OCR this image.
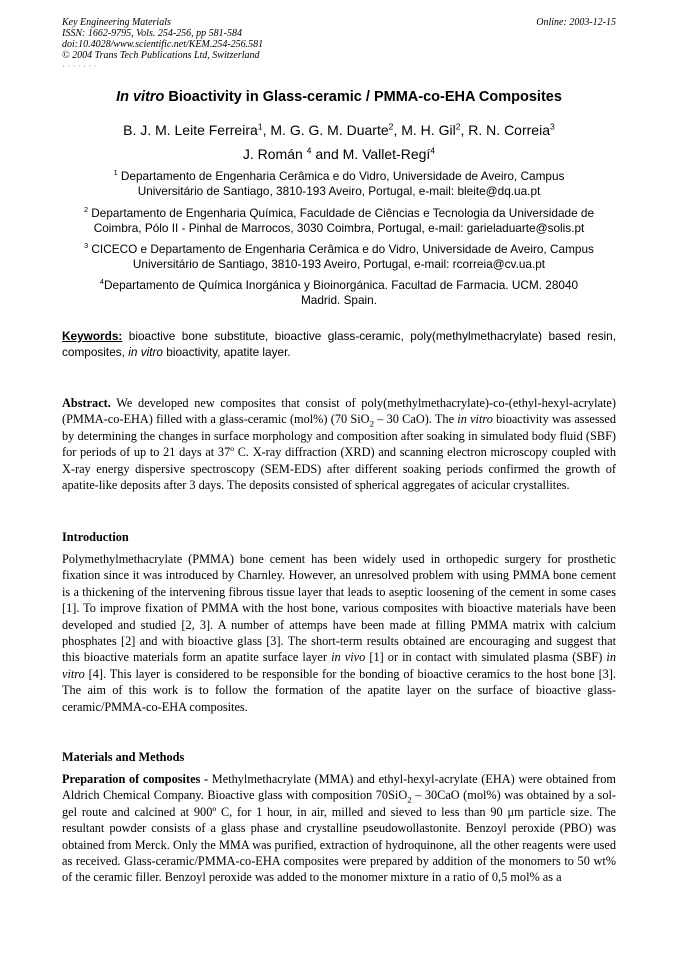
Key Engineering Materials
ISSN: 1662-9795, Vols. 254-256, pp 581-584
doi:10.4028/www.scientific.net/KEM.254-256.581
© 2004 Trans Tech Publications Ltd, Switzerland
Online: 2003-12-15
· · · · · · ·
In vitro Bioactivity in Glass-ceramic / PMMA-co-EHA Composites
B. J. M. Leite Ferreira$^1$, M. G. G. M. Duarte$^2$, M. H. Gil$^2$, R. N. Correia$^3$
J. Román $^4$ and M. Vallet-Regí$^4$
$^1$ Departamento de Engenharia Cerâmica e do Vidro, Universidade de Aveiro, Campus
Universitário de Santiago, 3810-193 Aveiro, Portugal, e-mail: bleite@dq.ua.pt
$^2$ Departamento de Engenharia Química, Faculdade de Ciências e Tecnologia da Universidade de
Coimbra, Pólo II - Pinhal de Marrocos, 3030 Coimbra, Portugal, e-mail: garieladuarte@solis.pt
$^3$ CICECO e Departamento de Engenharia Cerâmica e do Vidro, Universidade de Aveiro, Campus
Universitário de Santiago, 3810-193 Aveiro, Portugal, e-mail: rcorreia@cv.ua.pt
$^4$Departamento de Química Inorgánica y Bioinorgánica. Facultad de Farmacia. UCM. 28040
Madrid. Spain.
Keywords: bioactive bone substitute, bioactive glass-ceramic, poly(methylmethacrylate) based resin, composites, in vitro bioactivity, apatite layer.
Abstract. We developed new composites that consist of poly(methylmethacrylate)-co-(ethyl-hexyl-acrylate) (PMMA-co-EHA) filled with a glass-ceramic (mol%) (70 SiO$_2$ – 30 CaO). The in vitro bioactivity was assessed by determining the changes in surface morphology and composition after soaking in simulated body fluid (SBF) for periods of up to 21 days at 37º C. X-ray diffraction (XRD) and scanning electron microscopy coupled with X-ray energy dispersive spectroscopy (SEM-EDS) after different soaking periods confirmed the growth of apatite-like deposits after 3 days. The deposits consisted of spherical aggregates of acicular crystallites.
Introduction
Polymethylmethacrylate (PMMA) bone cement has been widely used in orthopedic surgery for prosthetic fixation since it was introduced by Charnley. However, an unresolved problem with using PMMA bone cement is a thickening of the intervening fibrous tissue layer that leads to aseptic loosening of the cement in some cases [1]. To improve fixation of PMMA with the host bone, various composites with bioactive materials have been developed and studied [2, 3]. A number of attemps have been made at filling PMMA matrix with calcium phosphates [2] and with bioactive glass [3]. The short-term results obtained are encouraging and suggest that this bioactive materials form an apatite surface layer in vivo [1] or in contact with simulated plasma (SBF) in vitro [4]. This layer is considered to be responsible for the bonding of bioactive ceramics to the host bone [3]. The aim of this work is to follow the formation of the apatite layer on the surface of bioactive glass-ceramic/PMMA-co-EHA composites.
Materials and Methods
Preparation of composites - Methylmethacrylate (MMA) and ethyl-hexyl-acrylate (EHA) were obtained from Aldrich Chemical Company. Bioactive glass with composition 70SiO$_2$ – 30CaO (mol%) was obtained by a sol-gel route and calcined at 900º C, for 1 hour, in air, milled and sieved to less than 90 μm particle size. The resultant powder consists of a glass phase and crystalline pseudowollastonite. Benzoyl peroxide (PBO) was obtained from Merck. Only the MMA was purified, extraction of hydroquinone, all the other reagents were used as received. Glass-ceramic/PMMA-co-EHA composites were prepared by addition of the monomers to 50 wt% of the ceramic filler. Benzoyl peroxide was added to the monomer mixture in a ratio of 0,5 mol% as a
